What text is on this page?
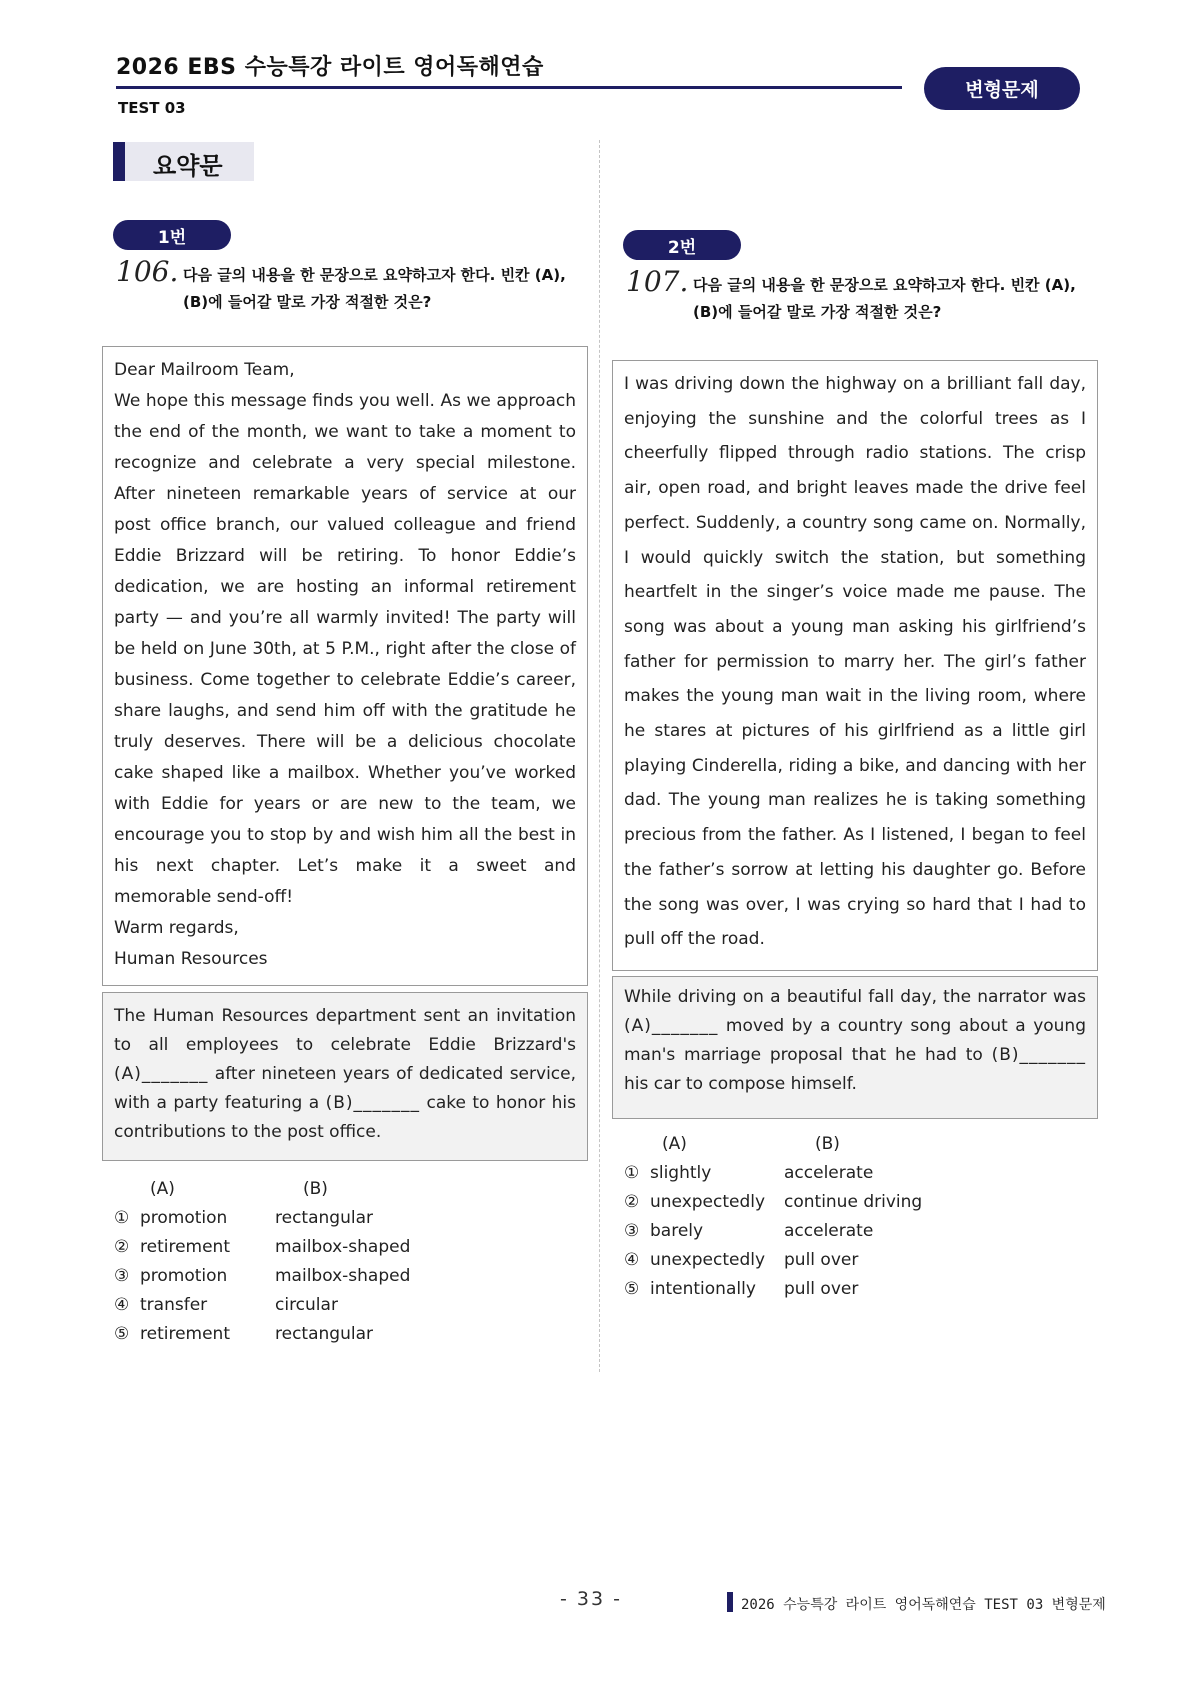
2026 EBS 수능특강 라이트 영어독해연습
TEST 03
변형문제
요약문
1번
106. 다음 글의 내용을 한 문장으로 요약하고자 한다. 빈칸 (A),
(B)에 들어갈 말로 가장 적절한 것은?

Dear Mailroom Team,

We hope this message finds you well. As we approach the end of the month, we want to take a moment to recognize and celebrate a very special milestone. After nineteen remarkable years of service at our post office branch, our valued colleague and friend Eddie Brizzard will be retiring. To honor Eddie’s dedication, we are hosting an informal retirement party — and you’re all warmly invited! The party will be held on June 30th, at 5 P.M., right after the close of business. Come together to celebrate Eddie’s career, share laughs, and send him off with the gratitude he truly deserves. There will be a delicious chocolate cake shaped like a mailbox. Whether you’ve worked with Eddie for years or are new to the team, we encourage you to stop by and wish him all the best in his next chapter. Let’s make it a sweet and memorable send-off!

Warm regards,

Human Resources

The Human Resources department sent an invitation to all employees to celebrate Eddie Brizzard's (A)_______ after nineteen years of dedicated service, with a party featuring a (B)_______ cake to honor his contributions to the post office.
(A)	(B)
① promotion	rectangular
② retirement	mailbox-shaped
③ promotion	mailbox-shaped
④ transfer	circular
⑤ retirement	rectangular
2번
107. 다음 글의 내용을 한 문장으로 요약하고자 한다. 빈칸 (A),
(B)에 들어갈 말로 가장 적절한 것은?
I was driving down the highway on a brilliant fall day, enjoying the sunshine and the colorful trees as I cheerfully flipped through radio stations. The crisp air, open road, and bright leaves made the drive feel perfect. Suddenly, a country song came on. Normally, I would quickly switch the station, but something heartfelt in the singer’s voice made me pause. The song was about a young man asking his girlfriend’s father for permission to marry her. The girl’s father makes the young man wait in the living room, where he stares at pictures of his girlfriend as a little girl playing Cinderella, riding a bike, and dancing with her dad. The young man realizes he is taking something precious from the father. As I listened, I began to feel the father’s sorrow at letting his daughter go. Before the song was over, I was crying so hard that I had to pull off the road.
While driving on a beautiful fall day, the narrator was (A)_______ moved by a country song about a young man's marriage proposal that he had to (B)_______ his car to compose himself.
(A)	(B)
① slightly	accelerate
② unexpectedly	continue driving
③ barely	accelerate
④ unexpectedly	pull over
⑤ intentionally	pull over
- 33 -	2026 수능특강 라이트 영어독해연습 TEST 03 변형문제
